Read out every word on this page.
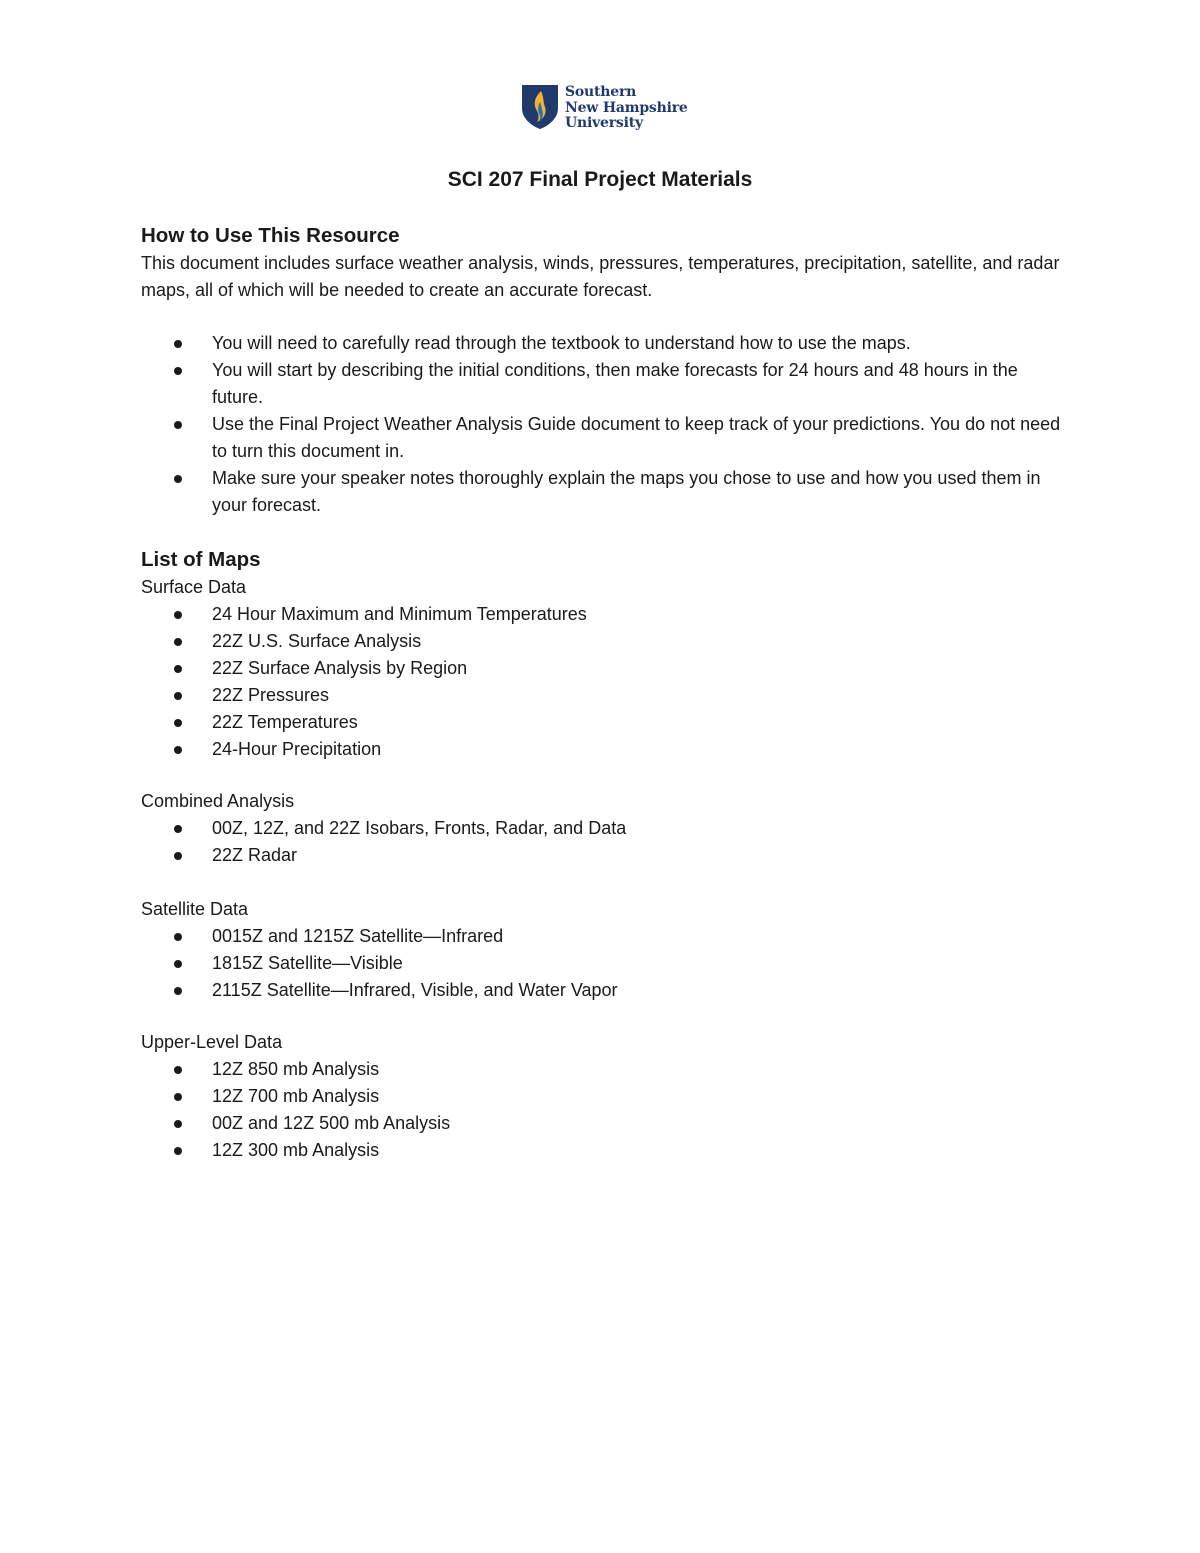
Southern
New Hampshire
University
SCI 207 Final Project Materials
How to Use This Resource

This document includes surface weather analysis, winds, pressures, temperatures, precipitation, satellite, and radar maps, all of which will be needed to create an accurate forecast.

You will need to carefully read through the textbook to understand how to use the maps.
You will start by describing the initial conditions, then make forecasts for 24 hours and 48 hours in the future.
Use the Final Project Weather Analysis Guide document to keep track of your predictions. You do not need to turn this document in.
Make sure your speaker notes thoroughly explain the maps you chose to use and how you used them in your forecast.
List of Maps

Surface Data

24 Hour Maximum and Minimum Temperatures
22Z U.S. Surface Analysis
22Z Surface Analysis by Region
22Z Pressures
22Z Temperatures
24-Hour Precipitation

Combined Analysis

00Z, 12Z, and 22Z Isobars, Fronts, Radar, and Data
22Z Radar

Satellite Data

0015Z and 1215Z Satellite—Infrared
1815Z Satellite—Visible
2115Z Satellite—Infrared, Visible, and Water Vapor

Upper-Level Data

12Z 850 mb Analysis
12Z 700 mb Analysis
00Z and 12Z 500 mb Analysis
12Z 300 mb Analysis
